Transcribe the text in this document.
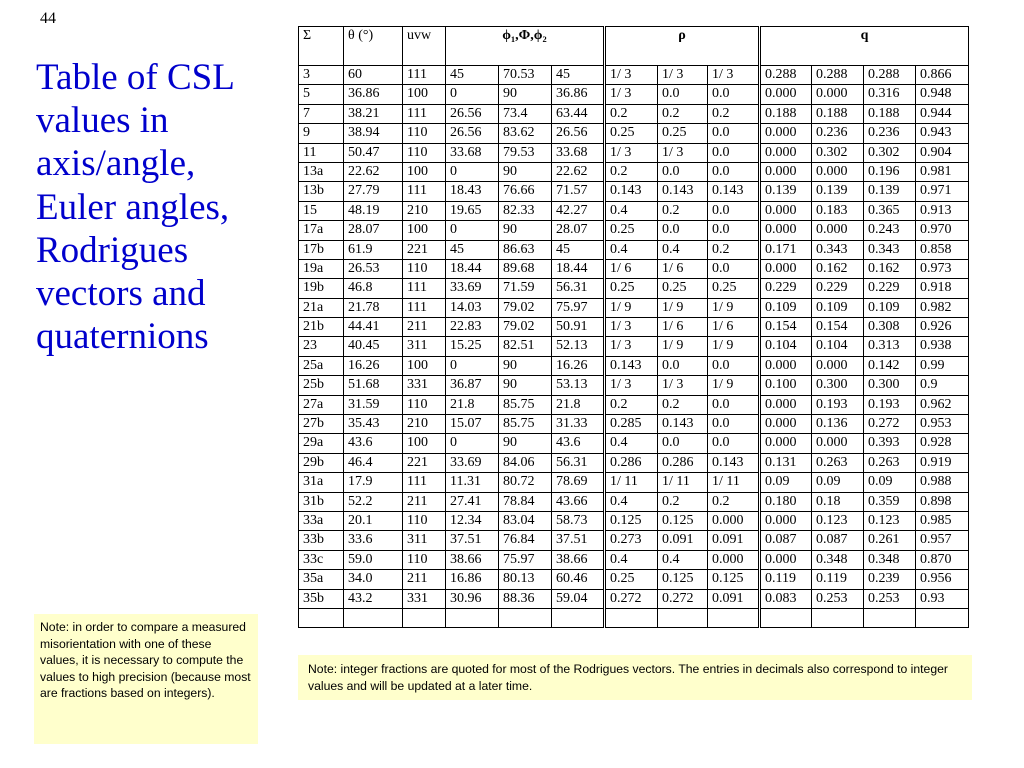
44
Table of CSL values in axis/angle, Euler angles, Rodrigues vectors and quaternions
Σ	θ (°)	uvw	ϕ₁,Φ,ϕ₂			ρ			q			
3	60	111	45	70.53	45	1/ 3	1/ 3	1/ 3	0.288	0.288	0.288	0.866
5	36.86	100	0	90	36.86	1/ 3	0.0	0.0	0.000	0.000	0.316	0.948
7	38.21	111	26.56	73.4	63.44	0.2	0.2	0.2	0.188	0.188	0.188	0.944
9	38.94	110	26.56	83.62	26.56	0.25	0.25	0.0	0.000	0.236	0.236	0.943
11	50.47	110	33.68	79.53	33.68	1/ 3	1/ 3	0.0	0.000	0.302	0.302	0.904
13a	22.62	100	0	90	22.62	0.2	0.0	0.0	0.000	0.000	0.196	0.981
13b	27.79	111	18.43	76.66	71.57	0.143	0.143	0.143	0.139	0.139	0.139	0.971
15	48.19	210	19.65	82.33	42.27	0.4	0.2	0.0	0.000	0.183	0.365	0.913
17a	28.07	100	0	90	28.07	0.25	0.0	0.0	0.000	0.000	0.243	0.970
17b	61.9	221	45	86.63	45	0.4	0.4	0.2	0.171	0.343	0.343	0.858
19a	26.53	110	18.44	89.68	18.44	1/ 6	1/ 6	0.0	0.000	0.162	0.162	0.973
19b	46.8	111	33.69	71.59	56.31	0.25	0.25	0.25	0.229	0.229	0.229	0.918
21a	21.78	111	14.03	79.02	75.97	1/ 9	1/ 9	1/ 9	0.109	0.109	0.109	0.982
21b	44.41	211	22.83	79.02	50.91	1/ 3	1/ 6	1/ 6	0.154	0.154	0.308	0.926
23	40.45	311	15.25	82.51	52.13	1/ 3	1/ 9	1/ 9	0.104	0.104	0.313	0.938
25a	16.26	100	0	90	16.26	0.143	0.0	0.0	0.000	0.000	0.142	0.99
25b	51.68	331	36.87	90	53.13	1/ 3	1/ 3	1/ 9	0.100	0.300	0.300	0.9
27a	31.59	110	21.8	85.75	21.8	0.2	0.2	0.0	0.000	0.193	0.193	0.962
27b	35.43	210	15.07	85.75	31.33	0.285	0.143	0.0	0.000	0.136	0.272	0.953
29a	43.6	100	0	90	43.6	0.4	0.0	0.0	0.000	0.000	0.393	0.928
29b	46.4	221	33.69	84.06	56.31	0.286	0.286	0.143	0.131	0.263	0.263	0.919
31a	17.9	111	11.31	80.72	78.69	1/ 11	1/ 11	1/ 11	0.09	0.09	0.09	0.988
31b	52.2	211	27.41	78.84	43.66	0.4	0.2	0.2	0.180	0.18	0.359	0.898
33a	20.1	110	12.34	83.04	58.73	0.125	0.125	0.000	0.000	0.123	0.123	0.985
33b	33.6	311	37.51	76.84	37.51	0.273	0.091	0.091	0.087	0.087	0.261	0.957
33c	59.0	110	38.66	75.97	38.66	0.4	0.4	0.000	0.000	0.348	0.348	0.870
35a	34.0	211	16.86	80.13	60.46	0.25	0.125	0.125	0.119	0.119	0.239	0.956
35b	43.2	331	30.96	88.36	59.04	0.272	0.272	0.091	0.083	0.253	0.253	0.93

Note: in order to compare a measured misorientation with one of these values, it is necessary to compute the values to high precision (because most are fractions based on integers).
Note: integer fractions are quoted for most of the Rodrigues vectors. The entries in decimals also correspond to integer values and will be updated at a later time.
